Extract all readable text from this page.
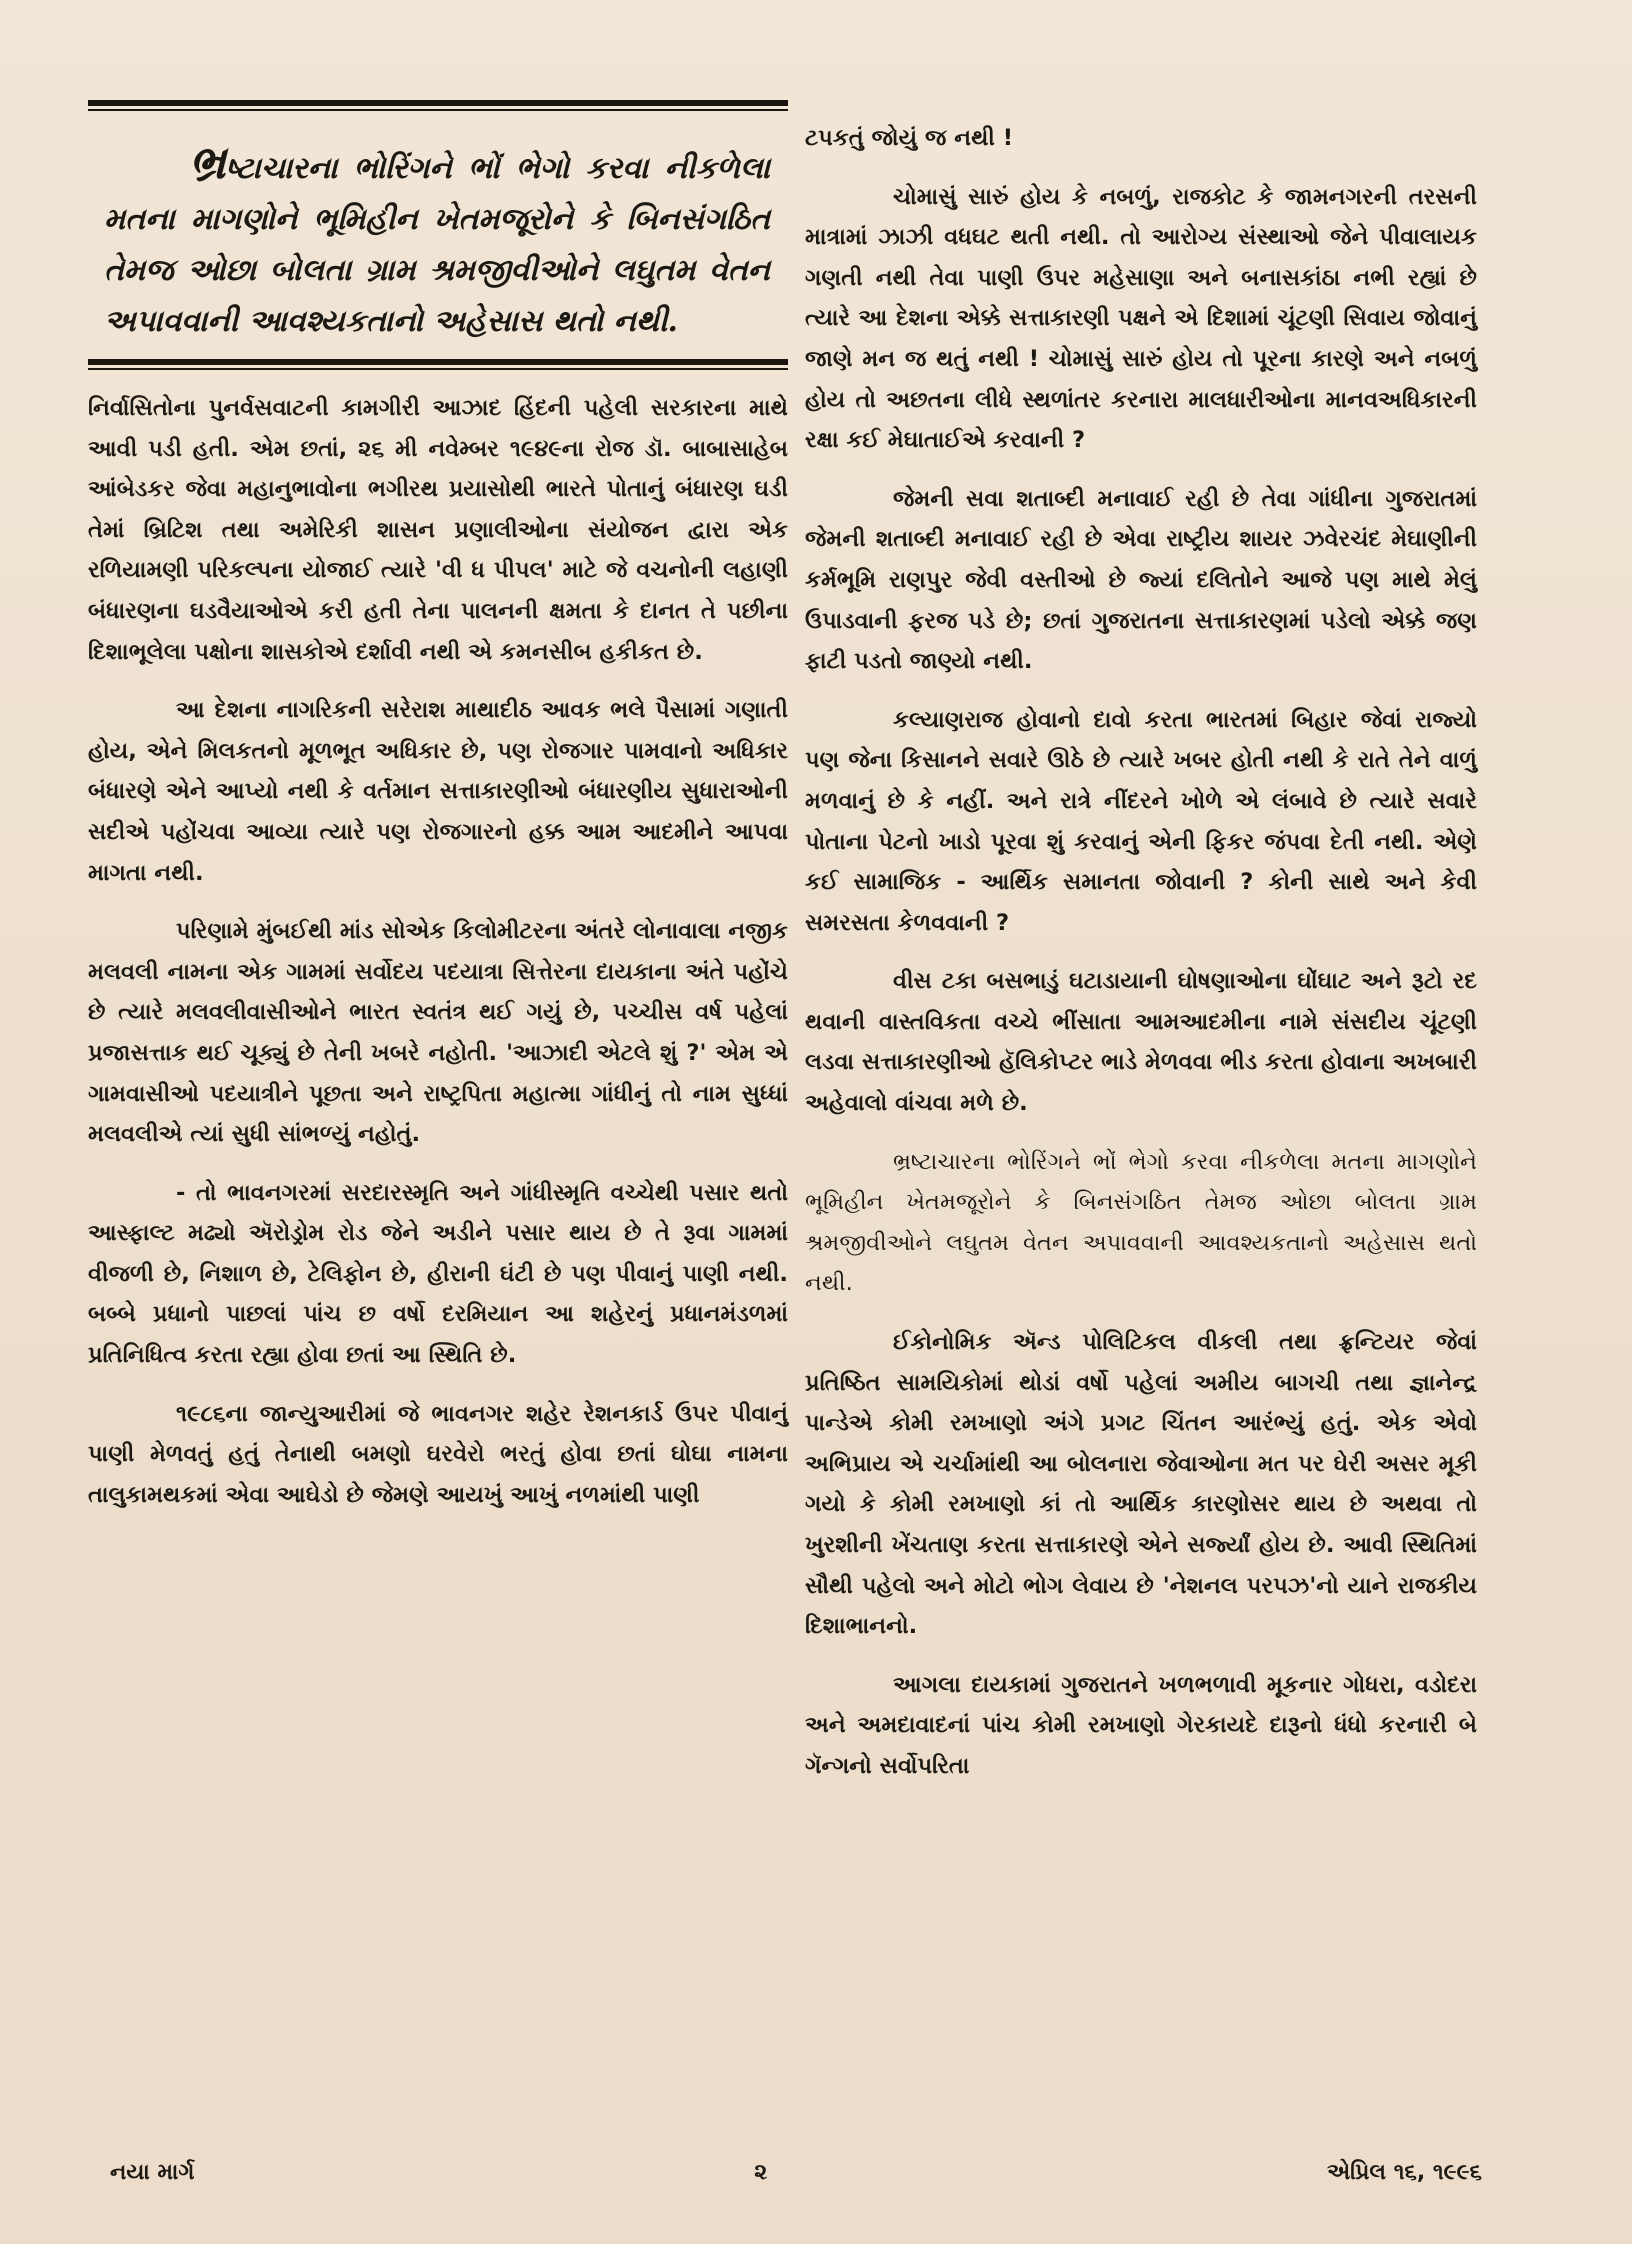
ભ્રષ્ટાચારના ભોરિંગને ભોં ભેગો કરવા નીકળેલા મતના માગણોને ભૂમિહીન ખેતમજૂરોને કે બિનસંગઠિત તેમજ ઓછા બોલતા ગ્રામ શ્રમજીવીઓને લઘુતમ વેતન અપાવવાની આવશ્યકતાનો અહેસાસ થતો નથી.

નિર્વાસિતોના પુનર્વસવાટની કામગીરી આઝાદ હિંદની પહેલી સરકારના માથે આવી પડી હતી. એમ છતાં, ૨૬ મી નવેમ્બર ૧૯૪૯ના રોજ ડૉ. બાબાસાહેબ આંબેડકર જેવા મહાનુભાવોના ભગીરથ પ્રયાસોથી ભારતે પોતાનું બંધારણ ઘડી તેમાં બ્રિટિશ તથા અમેરિકી શાસન પ્રણાલીઓના સંયોજન દ્વારા એક રળિયામણી પરિકલ્પના યોજાઈ ત્યારે 'વી ધ પીપલ' માટે જે વચનોની લહાણી બંધારણના ઘડવૈયાઓએ કરી હતી તેના પાલનની ક્ષમતા કે દાનત તે પછીના દિશાભૂલેલા પક્ષોના શાસકોએ દર્શાવી નથી એ કમનસીબ હકીકત છે.

આ દેશના નાગરિકની સરેરાશ માથાદીઠ આવક ભલે પૈસામાં ગણાતી હોય, એને મિલકતનો મૂળભૂત અધિકાર છે, પણ રોજગાર પામવાનો અધિકાર બંધારણે એને આપ્યો નથી કે વર્તમાન સત્તાકારણીઓ બંધારણીય સુધારાઓની સદીએ પહોંચવા આવ્યા ત્યારે પણ રોજગારનો હક્ક આમ આદમીને આપવા માગતા નથી.

પરિણામે મુંબઈથી માંડ સોએક કિલોમીટરના અંતરે લોનાવાલા નજીક મલવલી નામના એક ગામમાં સર્વોદય પદયાત્રા સિત્તેરના દાયકાના અંતે પહોંચે છે ત્યારે મલવલીવાસીઓને ભારત સ્વતંત્ર થઈ ગયું છે, પચ્ચીસ વર્ષ પહેલાં પ્રજાસત્તાક થઈ ચૂક્યું છે તેની ખબરે નહોતી. 'આઝાદી એટલે શું ?' એમ એ ગામવાસીઓ પદયાત્રીને પૂછતા અને રાષ્ટ્રપિતા મહાત્મા ગાંધીનું તો નામ સુધ્ધાં મલવલીએ ત્યાં સુધી સાંભળ્યું નહોતું.

- તો ભાવનગરમાં સરદારસ્મૃતિ અને ગાંધીસ્મૃતિ વચ્ચેથી પસાર થતો આસ્ફાલ્ટ મઢ્યો ઍરોડ્રોમ રોડ જેને અડીને પસાર થાય છે તે રૂવા ગામમાં વીજળી છે, નિશાળ છે, ટેલિફોન છે, હીરાની ઘંટી છે પણ પીવાનું પાણી નથી. બબ્બે પ્રધાનો પાછલાં પાંચ છ વર્ષો દરમિયાન આ શહેરનું પ્રધાનમંડળમાં પ્રતિનિધિત્વ કરતા રહ્યા હોવા છતાં આ સ્થિતિ છે.

૧૯૮૬ના જાન્યુઆરીમાં જે ભાવનગર શહેર રેશનકાર્ડ ઉપર પીવાનું પાણી મેળવતું હતું તેનાથી બમણો ઘરવેરો ભરતું હોવા છતાં ઘોઘા નામના તાલુકામથકમાં એવા આઘેડો છે જેમણે આયખું આખું નળમાંથી પાણી

ટપકતું જોયું જ નથી !

ચોમાસું સારું હોય કે નબળું, રાજકોટ કે જામનગરની તરસની માત્રામાં ઝાઝી વધઘટ થતી નથી. તો આરોગ્ય સંસ્થાઓ જેને પીવાલાયક ગણતી નથી તેવા પાણી ઉપર મહેસાણા અને બનાસકાંઠા નભી રહ્યાં છે ત્યારે આ દેશના એક્કે સત્તાકારણી પક્ષને એ દિશામાં ચૂંટણી સિવાય જોવાનું જાણે મન જ થતું નથી ! ચોમાસું સારું હોય તો પૂરના કારણે અને નબળું હોય તો અછતના લીધે સ્થળાંતર કરનારા માલધારીઓના માનવઅધિકારની રક્ષા કઈ મેઘાતાઈએ કરવાની ?

જેમની સવા શતાબ્દી મનાવાઈ રહી છે તેવા ગાંધીના ગુજરાતમાં જેમની શતાબ્દી મનાવાઈ રહી છે એવા રાષ્ટ્રીય શાયર ઝવેરચંદ મેઘાણીની કર્મભૂમિ રાણપુર જેવી વસ્તીઓ છે જ્યાં દલિતોને આજે પણ માથે મેલું ઉપાડવાની ફરજ પડે છે; છતાં ગુજરાતના સત્તાકારણમાં પડેલો એક્કે જણ ફાટી પડતો જાણ્યો નથી.

કલ્યાણરાજ હોવાનો દાવો કરતા ભારતમાં બિહાર જેવાં રાજ્યો પણ જેના કિસાનને સવારે ઊઠે છે ત્યારે ખબર હોતી નથી કે રાતે તેને વાળું મળવાનું છે કે નહીં. અને રાત્રે નીંદરને ખોળે એ લંબાવે છે ત્યારે સવારે પોતાના પેટનો ખાડો પૂરવા શું કરવાનું એની ફિકર જંપવા દેતી નથી. એણે કઈ સામાજિક - આર્થિક સમાનતા જોવાની ? કોની સાથે અને કેવી સમરસતા કેળવવાની ?

વીસ ટકા બસભાડું ઘટાડાયાની ઘોષણાઓના ઘોંઘાટ અને રૂટો રદ થવાની વાસ્તવિકતા વચ્ચે ભીંસાતા આમઆદમીના નામે સંસદીય ચૂંટણી લડવા સત્તાકારણીઓ હૅલિકોપ્ટર ભાડે મેળવવા ભીડ કરતા હોવાના અખબારી અહેવાલો વાંચવા મળે છે.

ભ્રષ્ટાચારના ભોરિંગને ભોં ભેગો કરવા નીકળેલા મતના માગણોને ભૂમિહીન ખેતમજૂરોને કે બિનસંગઠિત તેમજ ઓછા બોલતા ગ્રામ શ્રમજીવીઓને લઘુતમ વેતન અપાવવાની આવશ્યકતાનો અહેસાસ થતો નથી.

ઈકોનોમિક ઍન્ડ પોલિટિકલ વીકલી તથા ફ્રન્ટિયર જેવાં પ્રતિષ્ઠિત સામયિકોમાં થોડાં વર્ષો પહેલાં અમીય બાગચી તથા જ્ઞાનેન્દ્ર પાન્ડેએ કોમી રમખાણો અંગે પ્રગટ ચિંતન આરંભ્યું હતું. એક એવો અભિપ્રાય એ ચર્ચામાંથી આ બોલનારા જેવાઓના મત પર ઘેરી અસર મૂકી ગયો કે કોમી રમખાણો કાં તો આર્થિક કારણોસર થાય છે અથવા તો ખુરશીની ખેંચતાણ કરતા સત્તાકારણે એને સર્જ્યાં હોય છે. આવી સ્થિતિમાં સૌથી પહેલો અને મોટો ભોગ લેવાય છે 'નેશનલ પરપઝ'નો યાને રાજકીય દિશાભાનનો.

આગલા દાયકામાં ગુજરાતને ખળભળાવી મૂકનાર ગોધરા, વડોદરા અને અમદાવાદનાં પાંચ કોમી રમખાણો ગેરકાયદે દારૂનો ધંધો કરનારી બે ગૅન્ગનો સર્વોપરિતા

નયા માર્ગ	૨	એપ્રિલ ૧૬, ૧૯૯૬
